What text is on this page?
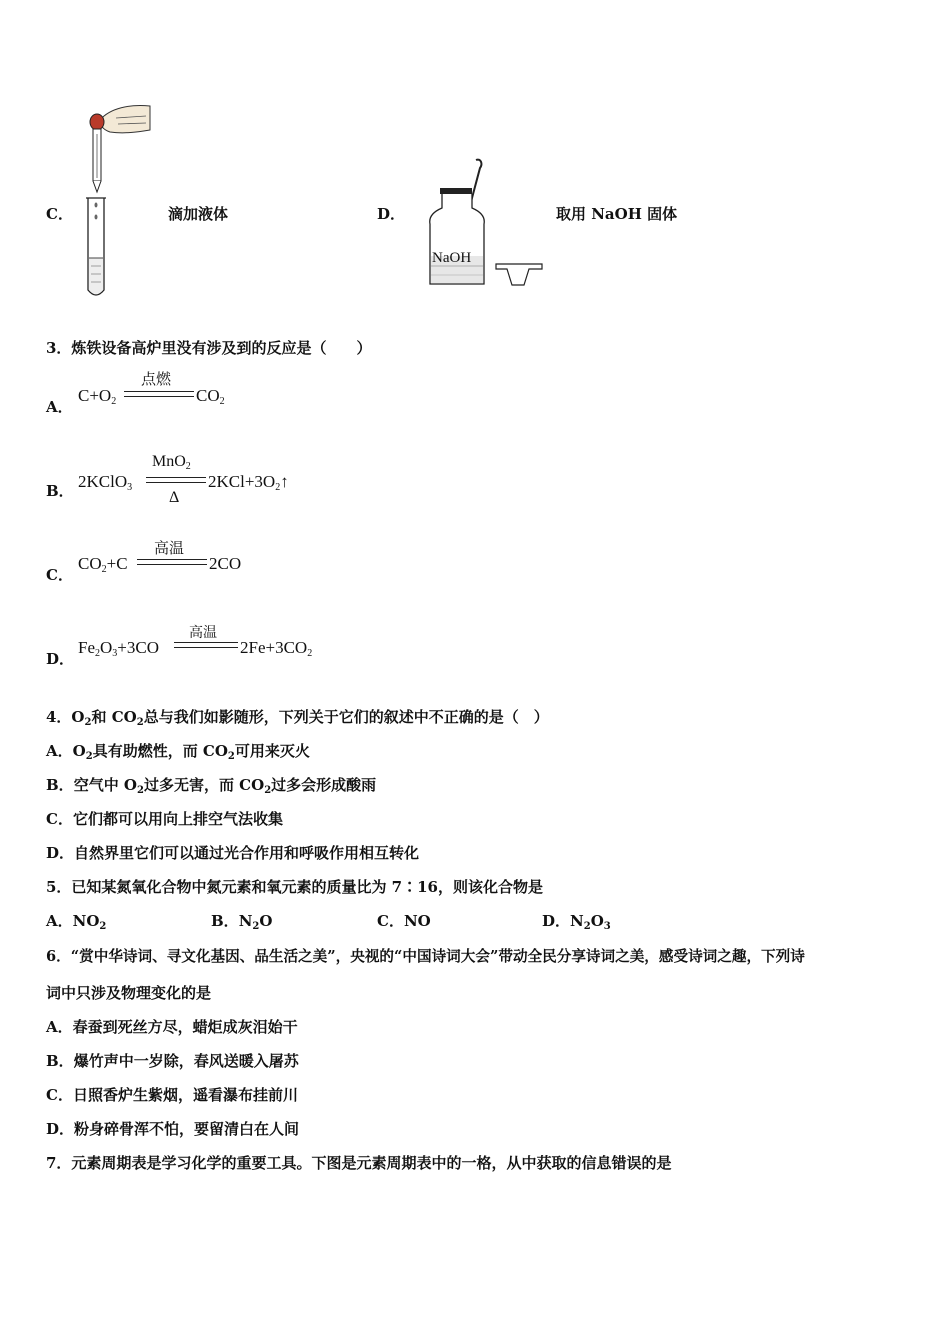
C．	滴加液体	D．
NaOH
取用 NaOH 固体
3．炼铁设备高炉里没有涉及到的反应是（　　）
A．
$C+O_2$
点燃
$CO_2$
B． 2KClO$_3$
MnO$_2$
Δ
$2KCl+3O_2↑$
C．
$CO_2+C$
高温
2CO
D．
$Fe_2O_3+3CO$
高温
$2Fe+3CO_2$
4．$O_2$和 $CO_2$总与我们如影随形，下列关于它们的叙述中不正确的是（　）
A．$O_2$具有助燃性，而 $CO_2$可用来灭火
B．空气中 $O_2$过多无害，而 $CO_2$过多会形成酸雨
C．它们都可以用向上排空气法收集
D．自然界里它们可以通过光合作用和呼吸作用相互转化
5．已知某氮氧化合物中氮元素和氧元素的质量比为 7∶16，则该化合物是
A．$NO_2$	B．$N_2O$	C．NO	D．$N_2O_3$
6．“赏中华诗词、寻文化基因、品生活之美”，央视的“中国诗词大会”带动全民分享诗词之美，感受诗词之趣，下列诗
词中只涉及物理变化的是
A．春蚕到死丝方尽，蜡炬成灰泪始干
B．爆竹声中一岁除，春风送暖入屠苏
C．日照香炉生紫烟，遥看瀑布挂前川
D．粉身碎骨浑不怕，要留清白在人间
7．元素周期表是学习化学的重要工具。下图是元素周期表中的一格，从中获取的信息错误的是
